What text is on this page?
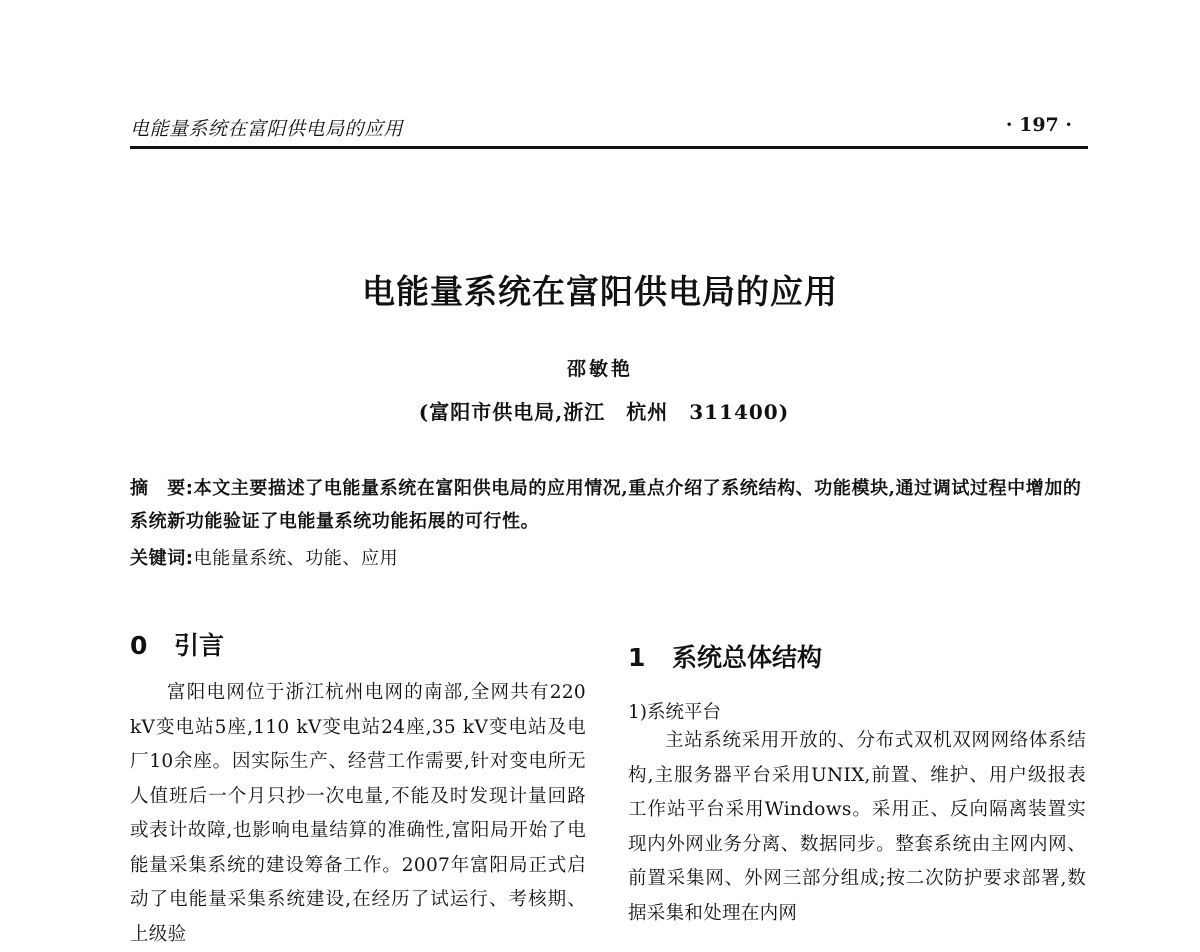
电能量系统在富阳供电局的应用	· 197 ·
电能量系统在富阳供电局的应用
邵敏艳
(富阳市供电局,浙江　杭州　311400)
摘　要:本文主要描述了电能量系统在富阳供电局的应用情况,重点介绍了系统结构、功能模块,通过调试过程中增加的系统新功能验证了电能量系统功能拓展的可行性。
关键词:电能量系统、功能、应用
0 引言

富阳电网位于浙江杭州电网的南部,全网共有220 kV变电站5座,110 kV变电站24座,35 kV变电站及电厂10余座。因实际生产、经营工作需要,针对变电所无人值班后一个月只抄一次电量,不能及时发现计量回路或表计故障,也影响电量结算的准确性,富阳局开始了电能量采集系统的建设筹备工作。2007年富阳局正式启动了电能量采集系统建设,在经历了试运行、考核期、上级验

1 系统总体结构
1)系统平台

主站系统采用开放的、分布式双机双网网络体系结构,主服务器平台采用UNIX,前置、维护、用户级报表工作站平台采用Windows。采用正、反向隔离装置实现内外网业务分离、数据同步。整套系统由主网内网、前置采集网、外网三部分组成;按二次防护要求部署,数据采集和处理在内网
